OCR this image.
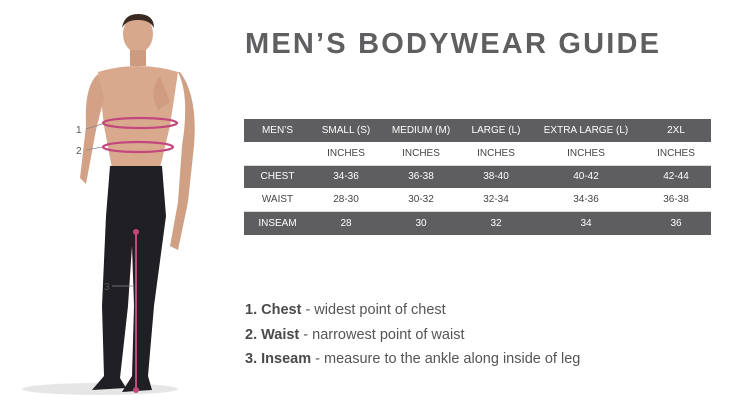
1
2
3
MEN’S BODYWEAR GUIDE
MEN’S	SMALL (S)	MEDIUM (M)	LARGE (L)	EXTRA LARGE (L)	2XL
	INCHES	INCHES	INCHES	INCHES	INCHES
CHEST	34-36	36-38	38-40	40-42	42-44
WAIST	28-30	30-32	32-34	34-36	36-38
INSEAM	28	30	32	34	36
1. Chest - widest point of chest
2. Waist - narrowest point of waist
3. Inseam - measure to the ankle along inside of leg
